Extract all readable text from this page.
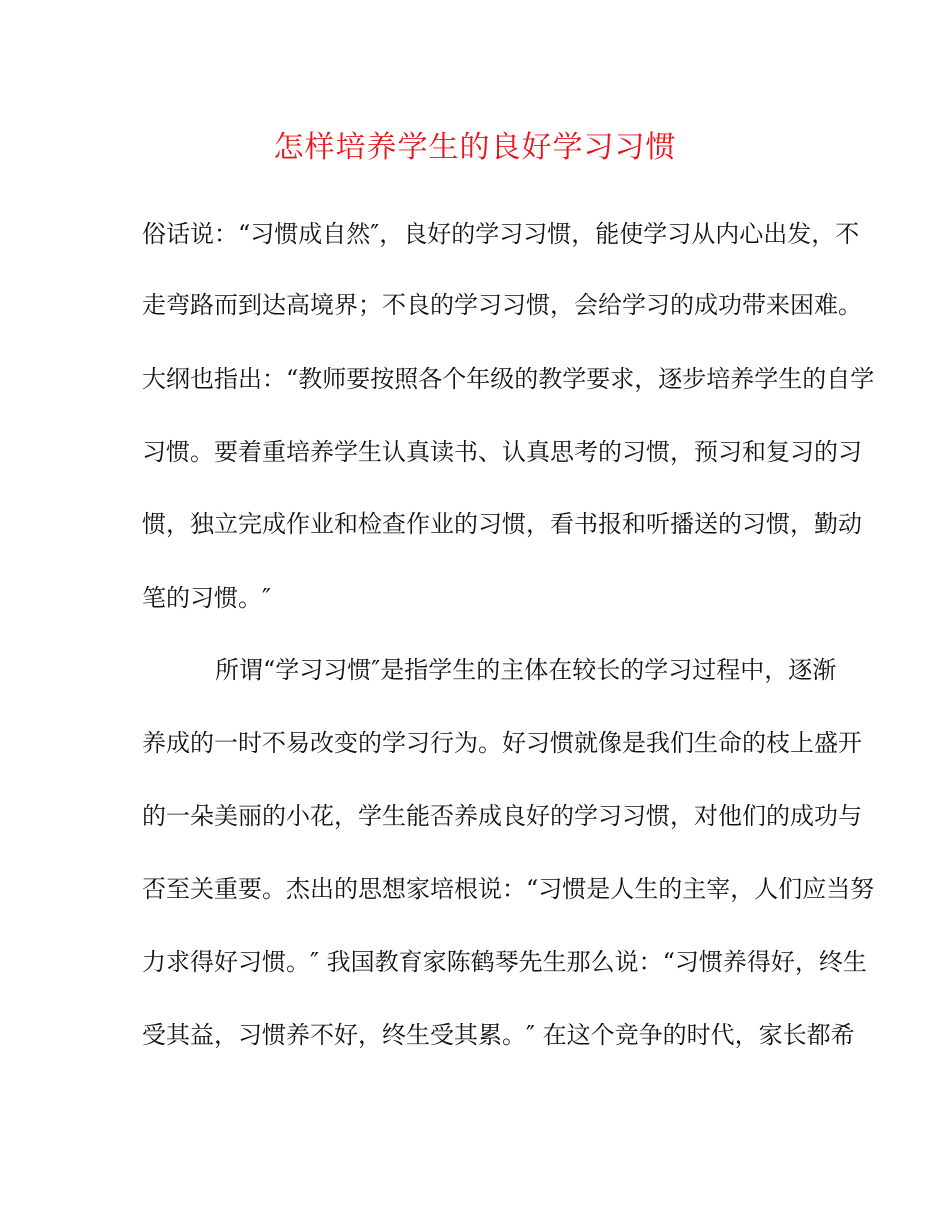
怎样培养学生的良好学习习惯
俗话说：“习惯成自然″，良好的学习习惯，能使学习从内心出发，不
走弯路而到达高境界；不良的学习习惯，会给学习的成功带来困难。
大纲也指出：“教师要按照各个年级的教学要求，逐步培养学生的自学
习惯。要着重培养学生认真读书、认真思考的习惯，预习和复习的习
惯，独立完成作业和检查作业的习惯，看书报和听播送的习惯，勤动
笔的习惯。″
所谓“学习习惯″是指学生的主体在较长的学习过程中，逐渐
养成的一时不易改变的学习行为。好习惯就像是我们生命的枝上盛开
的一朵美丽的小花，学生能否养成良好的学习习惯，对他们的成功与
否至关重要。杰出的思想家培根说：“习惯是人生的主宰，人们应当努
力求得好习惯。″ 我国教育家陈鹤琴先生那么说：“习惯养得好，终生
受其益，习惯养不好，终生受其累。″ 在这个竞争的时代，家长都希
